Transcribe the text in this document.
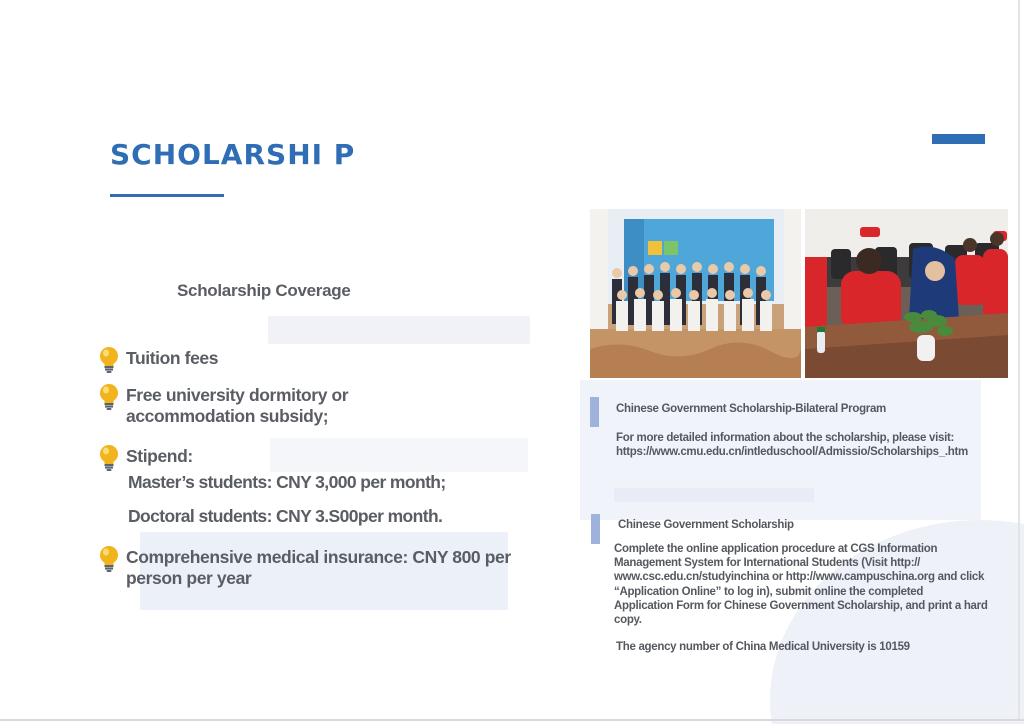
SCHOLARSHI P
Scholarship Coverage
Tuition fees
Free university dormitory or
accommodation subsidy;
Stipend:
Master’s students: CNY 3,000 per month;
Doctoral students: CNY 3.S00per month.
Comprehensive medical insurance: CNY 800 per
person per year
Chinese Government Scholarship-Bilateral Program
For more detailed information about the scholarship, please visit:
https://www.cmu.edu.cn/intleduschool/Admissio/Scholarships_.htm
Chinese Government Scholarship
Complete the online application procedure at CGS Information
Management System for International Students (Visit http://
www.csc.edu.cn/studyinchina or http://www.campuschina.org and click
“Application Online” to log in), submit online the completed
Application Form for Chinese Government Scholarship, and print a hard
copy.
The agency number of China Medical University is 10159
